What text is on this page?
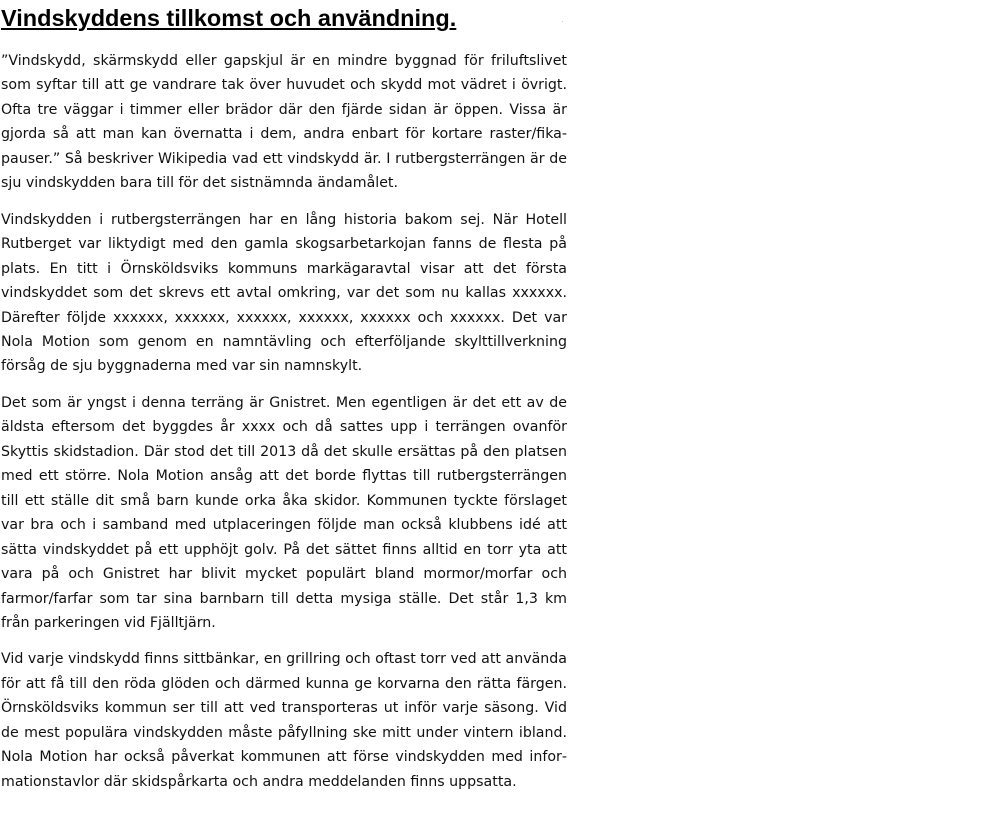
Vindskyddens tillkomst och användning.

”Vindskydd, skärmskydd eller gapskjul är en mindre byggnad för friluftslivet som syftar till att ge vandrare tak över huvudet och skydd mot vädret i övrigt. Ofta tre väggar i timmer eller brädor där den fjärde sidan är öppen. Vissa är gjorda så att man kan övernatta i dem, andra enbart för kortare raster/fikapauser.” Så beskriver Wikipedia vad ett vindskydd är. I rutbergsterrängen är de sju vindskydden bara till för det sistnämnda ändamålet.

Vindskydden i rutbergsterrängen har en lång historia bakom sej. När Hotell Rutberget var liktydigt med den gamla skogsarbetarkojan fanns de flesta på plats. En titt i Örnsköldsviks kommuns markägaravtal visar att det första vindskyddet som det skrevs ett avtal omkring, var det som nu kallas xxxxxx. Därefter följde xxxxxx, xxxxxx, xxxxxx, xxxxxx, xxxxxx och xxxxxx. Det var Nola Motion som genom en namntävling och efterföljande skylttillverkning försåg de sju byggnaderna med var sin namnskylt.

Det som är yngst i denna terräng är Gnistret. Men egentligen är det ett av de äldsta eftersom det byggdes år xxxx och då sattes upp i terrängen ovanför Skyttis skidstadion. Där stod det till 2013 då det skulle ersättas på den platsen med ett större. Nola Motion ansåg att det borde flyttas till rutbergsterrängen till ett ställe dit små barn kunde orka åka skidor. Kommunen tyckte förslaget var bra och i samband med utplaceringen följde man också klubbens idé att sätta vindskyddet på ett upphöjt golv. På det sättet finns alltid en torr yta att vara på och Gnistret har blivit mycket populärt bland mormor/morfar och farmor/farfar som tar sina barnbarn till detta mysiga ställe. Det står 1,3 km från parkeringen vid Fjälltjärn.

Vid varje vindskydd finns sittbänkar, en grillring och oftast torr ved att använda för att få till den röda glöden och därmed kunna ge korvarna den rätta färgen. Örnsköldsviks kommun ser till att ved transporteras ut inför varje säsong. Vid de mest populära vindskydden måste påfyllning ske mitt under vintern ibland. Nola Motion har också påverkat kommunen att förse vindskydden med informationstavlor där skidspårkarta och andra meddelanden finns uppsatta.
